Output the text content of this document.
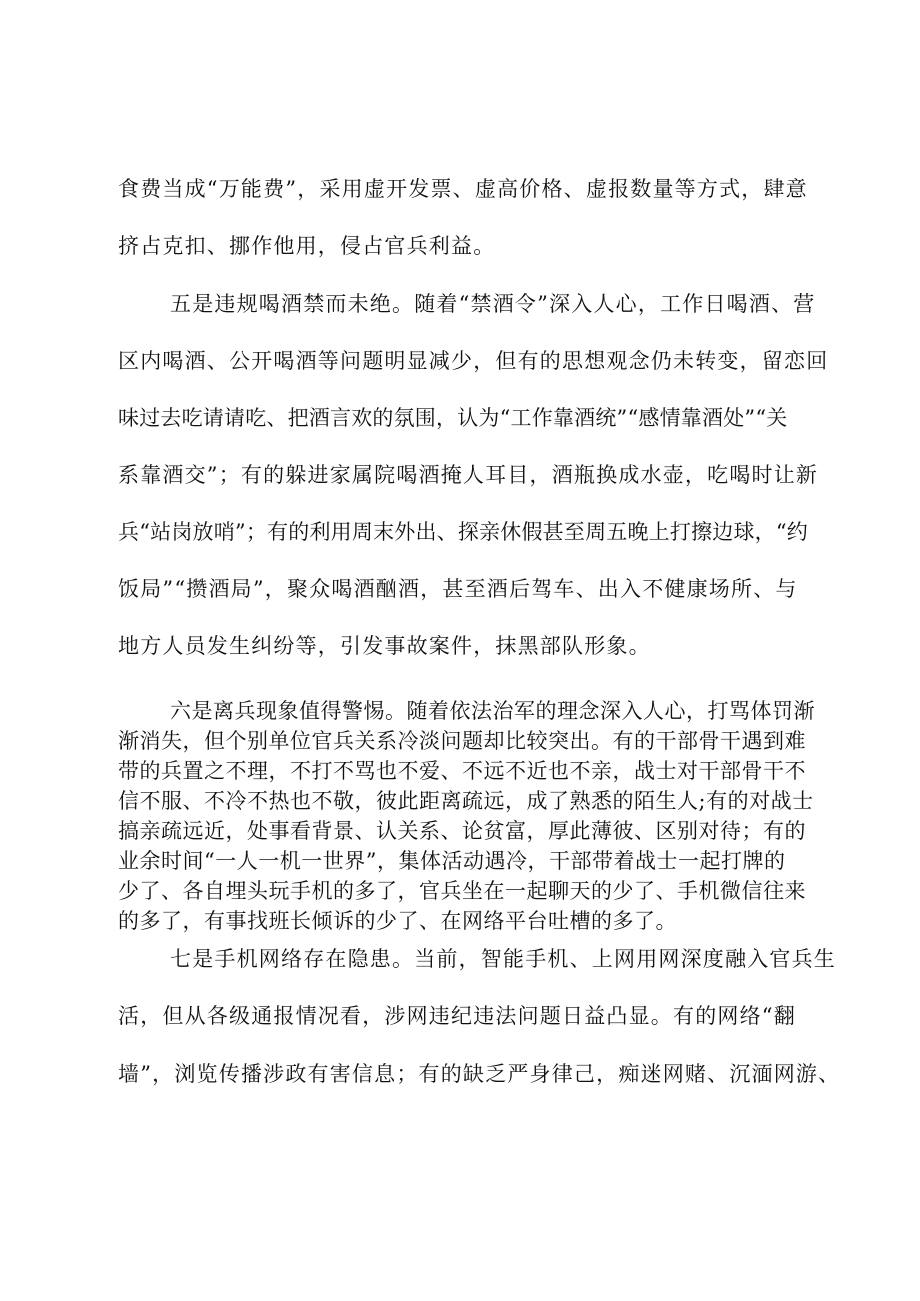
食费当成“万能费”，采用虚开发票、虚高价格、虚报数量等方式，肆意
挤占克扣、挪作他用，侵占官兵利益。
五是违规喝酒禁而未绝。随着“禁酒令”深入人心，工作日喝酒、营
区内喝酒、公开喝酒等问题明显减少，但有的思想观念仍未转变，留恋回
味过去吃请请吃、把酒言欢的氛围，认为“工作靠酒统”“感情靠酒处”“关
系靠酒交”；有的躲进家属院喝酒掩人耳目，酒瓶换成水壶，吃喝时让新
兵“站岗放哨”；有的利用周末外出、探亲休假甚至周五晚上打擦边球，“约
饭局”“攒酒局”，聚众喝酒酗酒，甚至酒后驾车、出入不健康场所、与
地方人员发生纠纷等，引发事故案件，抹黑部队形象。
六是离兵现象值得警惕。随着依法治军的理念深入人心，打骂体罚渐
渐消失，但个别单位官兵关系冷淡问题却比较突出。有的干部骨干遇到难
带的兵置之不理，不打不骂也不爱、不远不近也不亲，战士对干部骨干不
信不服、不冷不热也不敬，彼此距离疏远，成了熟悉的陌生人;有的对战士
搞亲疏远近，处事看背景、认关系、论贫富，厚此薄彼、区别对待；有的
业余时间“一人一机一世界”，集体活动遇冷，干部带着战士一起打牌的
少了、各自埋头玩手机的多了，官兵坐在一起聊天的少了、手机微信往来
的多了，有事找班长倾诉的少了、在网络平台吐槽的多了。
七是手机网络存在隐患。当前，智能手机、上网用网深度融入官兵生
活，但从各级通报情况看，涉网违纪违法问题日益凸显。有的网络“翻
墙”，浏览传播涉政有害信息；有的缺乏严身律己，痴迷网赌、沉湎网游、
